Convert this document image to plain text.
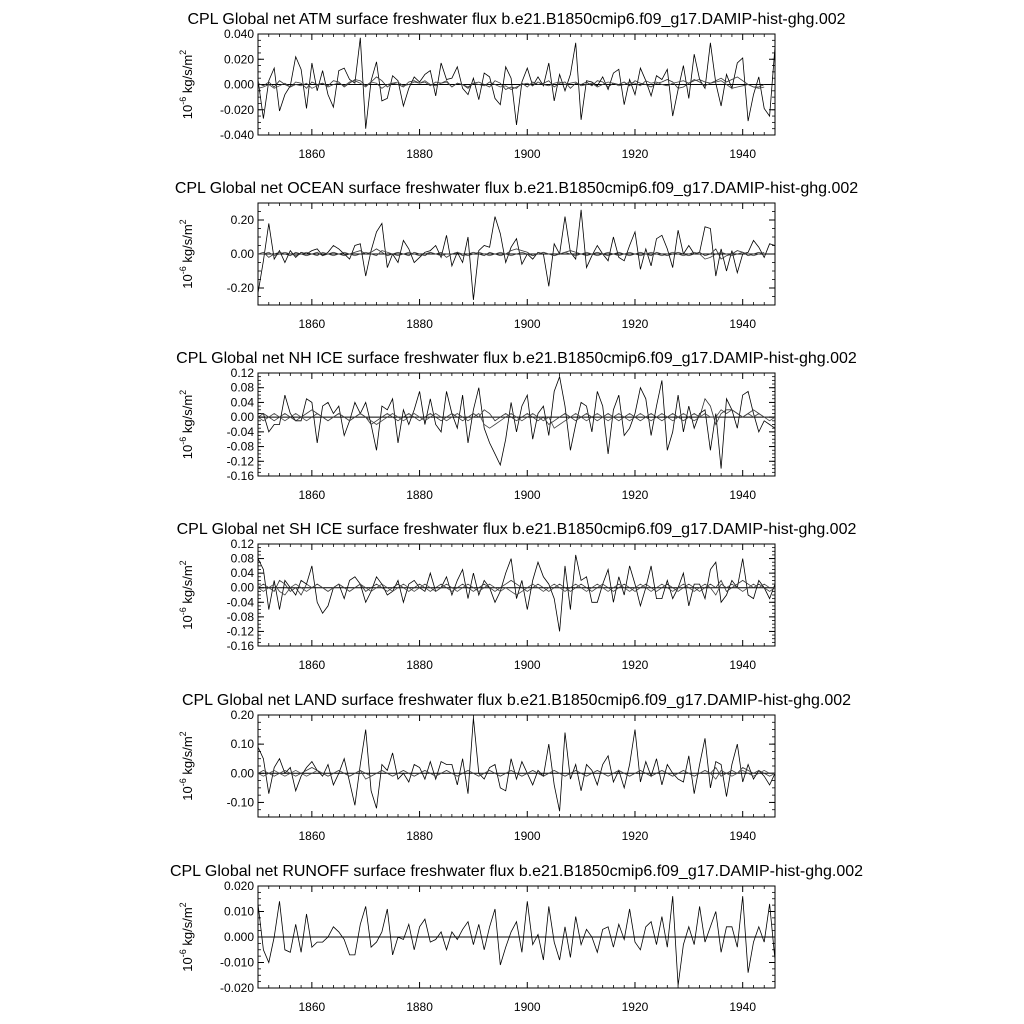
CPL Global net ATM surface freshwater flux b.e21.B1850cmip6.f09_g17.DAMIP-hist-ghg.002
-0.040
-0.020
0.000
0.020
0.040
1860	1880	1900	1920	1940
$10^{-6}$ $kg/s/m^2$
CPL Global net OCEAN surface freshwater flux b.e21.B1850cmip6.f09_g17.DAMIP-hist-ghg.002
-0.20
0.00
0.20
1860	1880	1900	1920	1940
$10^{-6}$ $kg/s/m^2$
CPL Global net NH ICE surface freshwater flux b.e21.B1850cmip6.f09_g17.DAMIP-hist-ghg.002
-0.16
-0.12
-0.08
-0.04
0.00
0.04
0.08
0.12
1860	1880	1900	1920	1940
$10^{-6}$ $kg/s/m^2$
CPL Global net SH ICE surface freshwater flux b.e21.B1850cmip6.f09_g17.DAMIP-hist-ghg.002
-0.16
-0.12
-0.08
-0.04
0.00
0.04
0.08
0.12
1860	1880	1900	1920	1940
$10^{-6}$ $kg/s/m^2$
CPL Global net LAND surface freshwater flux b.e21.B1850cmip6.f09_g17.DAMIP-hist-ghg.002
-0.10
0.00
0.10
0.20
1860	1880	1900	1920	1940
$10^{-6}$ $kg/s/m^2$
CPL Global net RUNOFF surface freshwater flux b.e21.B1850cmip6.f09_g17.DAMIP-hist-ghg.002
-0.020
-0.010
0.000
0.010
0.020
1860	1880	1900	1920	1940
$10^{-6}$ $kg/s/m^2$
